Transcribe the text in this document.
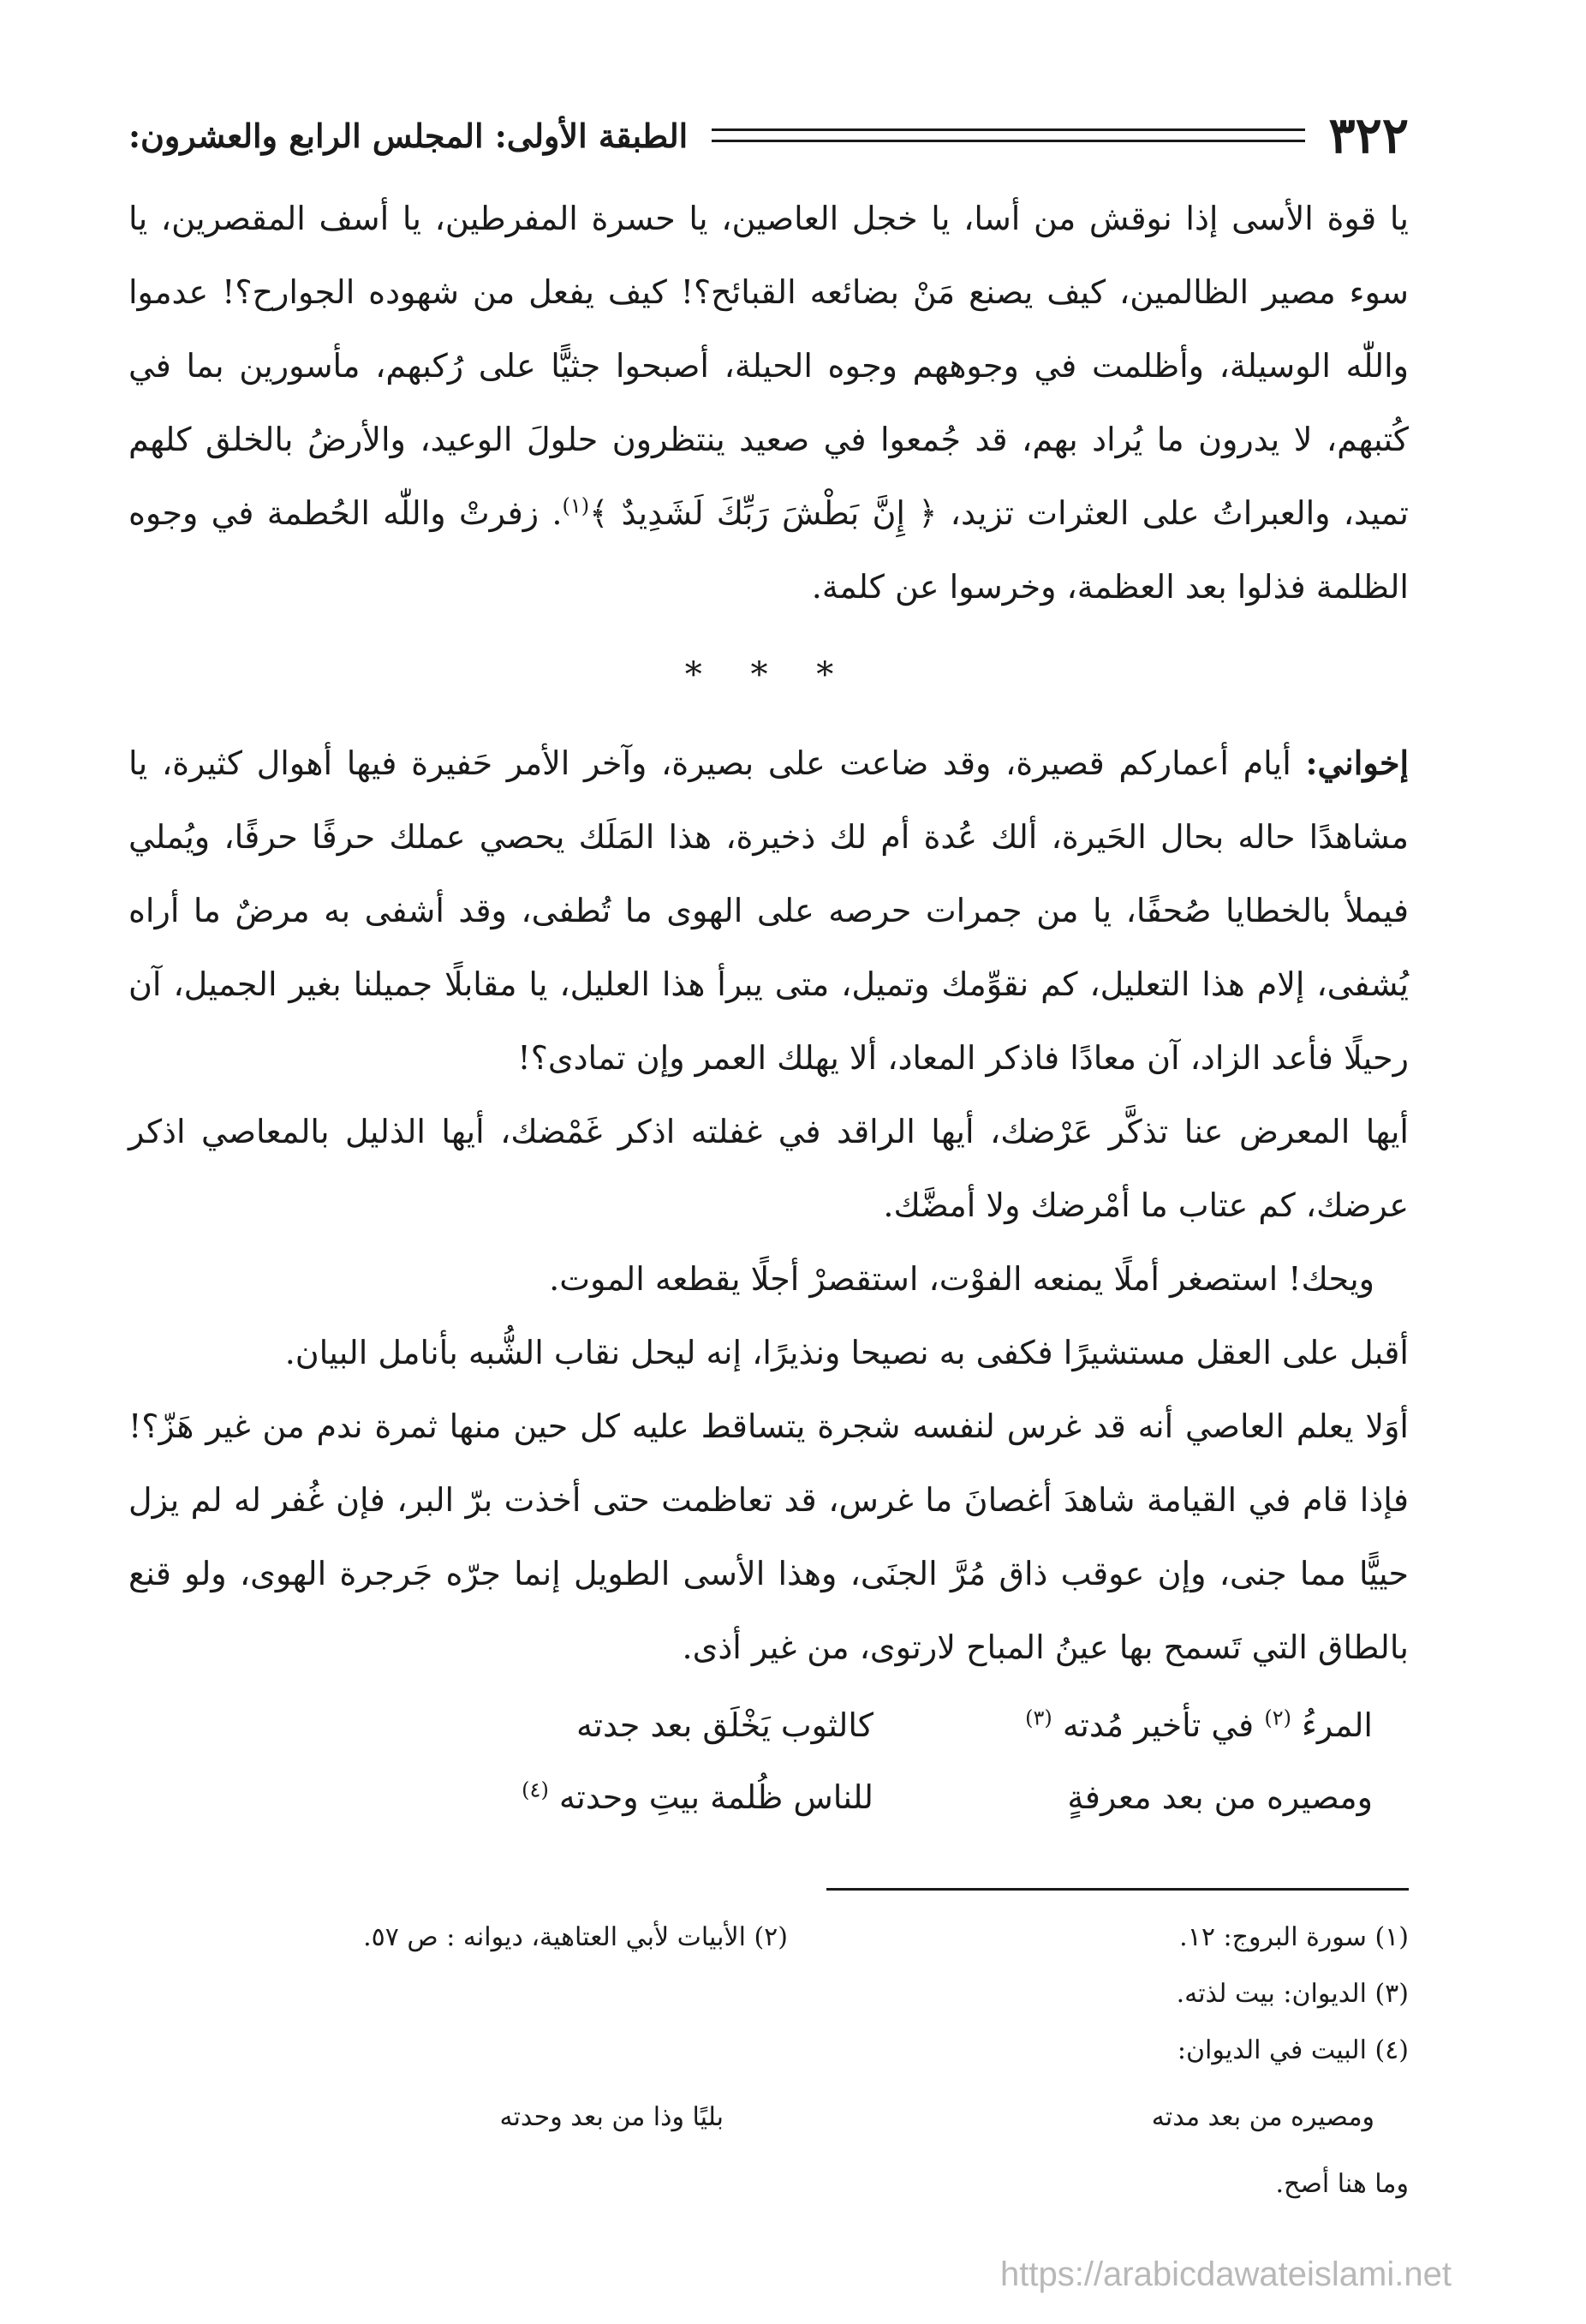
٣٢٢
الطبقة الأولى: المجلس الرابع والعشرون:

يا قوة الأسى إذا نوقش من أسا، يا خجل العاصين، يا حسرة المفرطين، يا أسف المقصرين، يا سوء مصير الظالمين، كيف يصنع مَنْ بضائعه القبائح؟! كيف يفعل من شهوده الجوارح؟! عدموا واللّٰه الوسيلة، وأظلمت في وجوههم وجوه الحيلة، أصبحوا جثيًّا على رُكبهم، مأسورين بما في كُتبهم، لا يدرون ما يُراد بهم، قد جُمعوا في صعيد ينتظرون حلولَ الوعيد، والأرضُ بالخلق كلهم تميد، والعبراتُ على العثرات تزيد، ﴿ إِنَّ بَطْشَ رَبِّكَ لَشَدِيدٌ ﴾$^{(١)}$. زفرتْ واللّٰه الحُطمة في وجوه الظلمة فذلوا بعد العظمة، وخرسوا عن كلمة.

* * *

إخواني: أيام أعماركم قصيرة، وقد ضاعت على بصيرة، وآخر الأمر حَفيرة فيها أهوال كثيرة، يا مشاهدًا حاله بحال الحَيرة، ألك عُدة أم لك ذخيرة، هذا المَلَك يحصي عملك حرفًا حرفًا، ويُملي فيملأ بالخطايا صُحفًا، يا من جمرات حرصه على الهوى ما تُطفى، وقد أشفى به مرضٌ ما أراه يُشفى، إلام هذا التعليل، كم نقوِّمك وتميل، متى يبرأ هذا العليل، يا مقابلًا جميلنا بغير الجميل، آن رحيلًا فأعد الزاد، آن معادًا فاذكر المعاد، ألا يهلك العمر وإن تمادى؟!

أيها المعرض عنا تذكَّر عَرْضك، أيها الراقد في غفلته اذكر غَمْضك، أيها الذليل بالمعاصي اذكر عرضك، كم عتاب ما أمْرضك ولا أمضَّك.

ويحك! استصغر أملًا يمنعه الفوْت، استقصرْ أجلًا يقطعه الموت.

أقبل على العقل مستشيرًا فكفى به نصيحا ونذيرًا، إنه ليحل نقاب الشُّبه بأنامل البيان.

أوَلا يعلم العاصي أنه قد غرس لنفسه شجرة يتساقط عليه كل حين منها ثمرة ندم من غير هَزّ؟! فإذا قام في القيامة شاهدَ أغصانَ ما غرس، قد تعاظمت حتى أخذت برّ البر، فإن غُفر له لم يزل حييًّا مما جنى، وإن عوقب ذاق مُرَّ الجنَى، وهذا الأسى الطويل إنما جرّه جَرجرة الهوى، ولو قنع بالطاق التي تَسمح بها عينُ المباح لارتوى، من غير أذى.

المرءُ $^{(٢)}$ في تأخير مُدته $^{(٣)}$
كالثوب يَخْلَق بعد جدته
ومصيره من بعد معرفةٍ
للناس ظُلمة بيتِ وحدته $^{(٤)}$
(١) سورة البروج: ١٢.
(٢) الأبيات لأبي العتاهية، ديوانه : ص ٥٧.
(٣) الديوان: بيت لذته.
(٤) البيت في الديوان:
ومصيره من بعد مدته
بليًا وذا من بعد وحدته
وما هنا أصح.
https://arabicdawateislami.net
